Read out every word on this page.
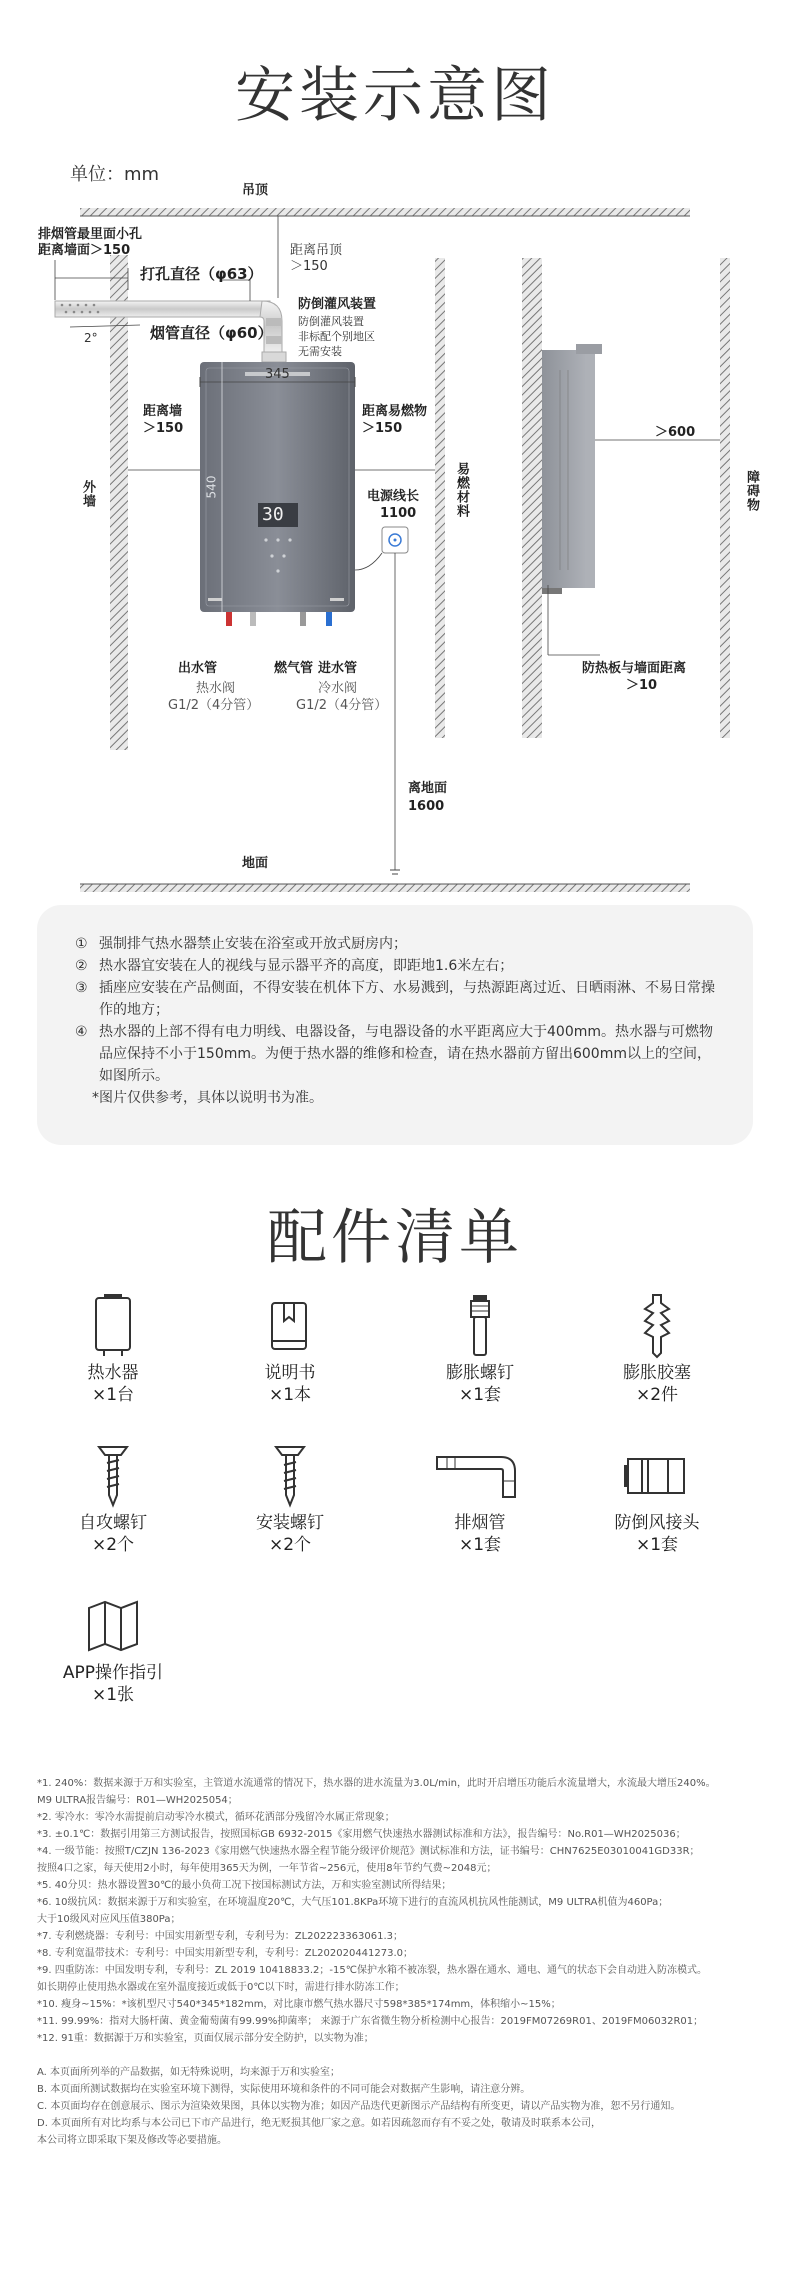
安装示意图
单位：mm
吊顶
地面
排烟管最里面小孔
距离墙面＞150	距离吊顶
＞150
打孔直径（φ63）
烟管直径（φ60）
2°
防倒灌风装置
防倒灌风装置
非标配个别地区
无需安装
345
540
30
距离墙
＞150
距离易燃物
＞150
外墙	易燃材料	障碍物
电源线长
1100
出水管	燃气管 进水管
热水阀
G1/2（4分管）
冷水阀
G1/2（4分管）
离地面
1600
＞600
防热板与墙面距离
＞10
① 强制排气热水器禁止安装在浴室或开放式厨房内；
② 热水器宜安装在人的视线与显示器平齐的高度，即距地1.6米左右；
③ 插座应安装在产品侧面，不得安装在机体下方、水易溅到，与热源距离过近、日晒雨淋、不易日常操作的地方；
④ 热水器的上部不得有电力明线、电器设备，与电器设备的水平距离应大于400mm。热水器与可燃物品应保持不小于150mm。为便于热水器的维修和检查，请在热水器前方留出600mm以上的空间，如图所示。
*图片仅供参考，具体以说明书为准。
配件清单
热水器
×1台
说明书
×1本
膨胀螺钉
×1套
膨胀胶塞
×2件
自攻螺钉
×2个
安装螺钉
×2个
排烟管
×1套
防倒风接头
×1套
APP操作指引
×1张

*1. 240%：数据来源于万和实验室，主管道水流通常的情况下，热水器的进水流量为3.0L/min，此时开启增压功能后水流量增大，水流最大增压240%。

M9 ULTRA报告编号：R01—WH2025054；

*2. 零冷水：零冷水需提前启动零冷水模式，循环花洒部分残留冷水属正常现象；

*3. ±0.1℃：数据引用第三方测试报告，按照国标GB 6932-2015《家用燃气快速热水器测试标准和方法》，报告编号：No.R01—WH2025036；

*4. 一级节能：按照T/CZJN 136-2023《家用燃气快速热水器全程节能分级评价规范》测试标准和方法，证书编号：CHN7625E03010041GD33R；

按照4口之家，每天使用2小时，每年使用365天为例，一年节省~256元，使用8年节约气费~2048元；

*5. 40分贝：热水器设置30℃的最小负荷工况下按国标测试方法，万和实验室测试所得结果；

*6. 10级抗风：数据来源于万和实验室，在环境温度20℃，大气压101.8KPa环境下进行的直流风机抗风性能测试，M9 ULTRA机值为460Pa；

大于10级风对应风压值380Pa；

*7. 专利燃烧器：专利号：中国实用新型专利，专利号为：ZL202223363061.3；

*8. 专利宽温带技术：专利号：中国实用新型专利，专利号：ZL202020441273.0；

*9. 四重防冻：中国发明专利，专利号：ZL 2019 10418833.2；-15℃保护水箱不被冻裂，热水器在通水、通电、通气的状态下会自动进入防冻模式。

如长期停止使用热水器或在室外温度接近或低于0℃以下时，需进行排水防冻工作；

*10. 瘦身~15%：*该机型尺寸540*345*182mm，对比康市燃气热水器尺寸598*385*174mm，体积缩小~15%；

*11. 99.99%：指对大肠杆菌、黄金葡萄菌有99.99%抑菌率； 来源于广东省微生物分析检测中心报告：2019FM07269R01、2019FM06032R01；

*12. 91重：数据源于万和实验室，页面仅展示部分安全防护，以实物为准；

A. 本页面所列举的产品数据，如无特殊说明，均来源于万和实验室；

B. 本页面所测试数据均在实验室环境下测得，实际使用环境和条件的不同可能会对数据产生影响，请注意分辨。

C. 本页面均存在创意展示、图示为渲染效果图，具体以实物为准；如因产品迭代更新图示产品结构有所变更，请以产品实物为准，恕不另行通知。

D. 本页面所有对比均系与本公司已下市产品进行，绝无贬损其他厂家之意。如若因疏忽而存有不妥之处，敬请及时联系本公司，

本公司将立即采取下架及修改等必要措施。
